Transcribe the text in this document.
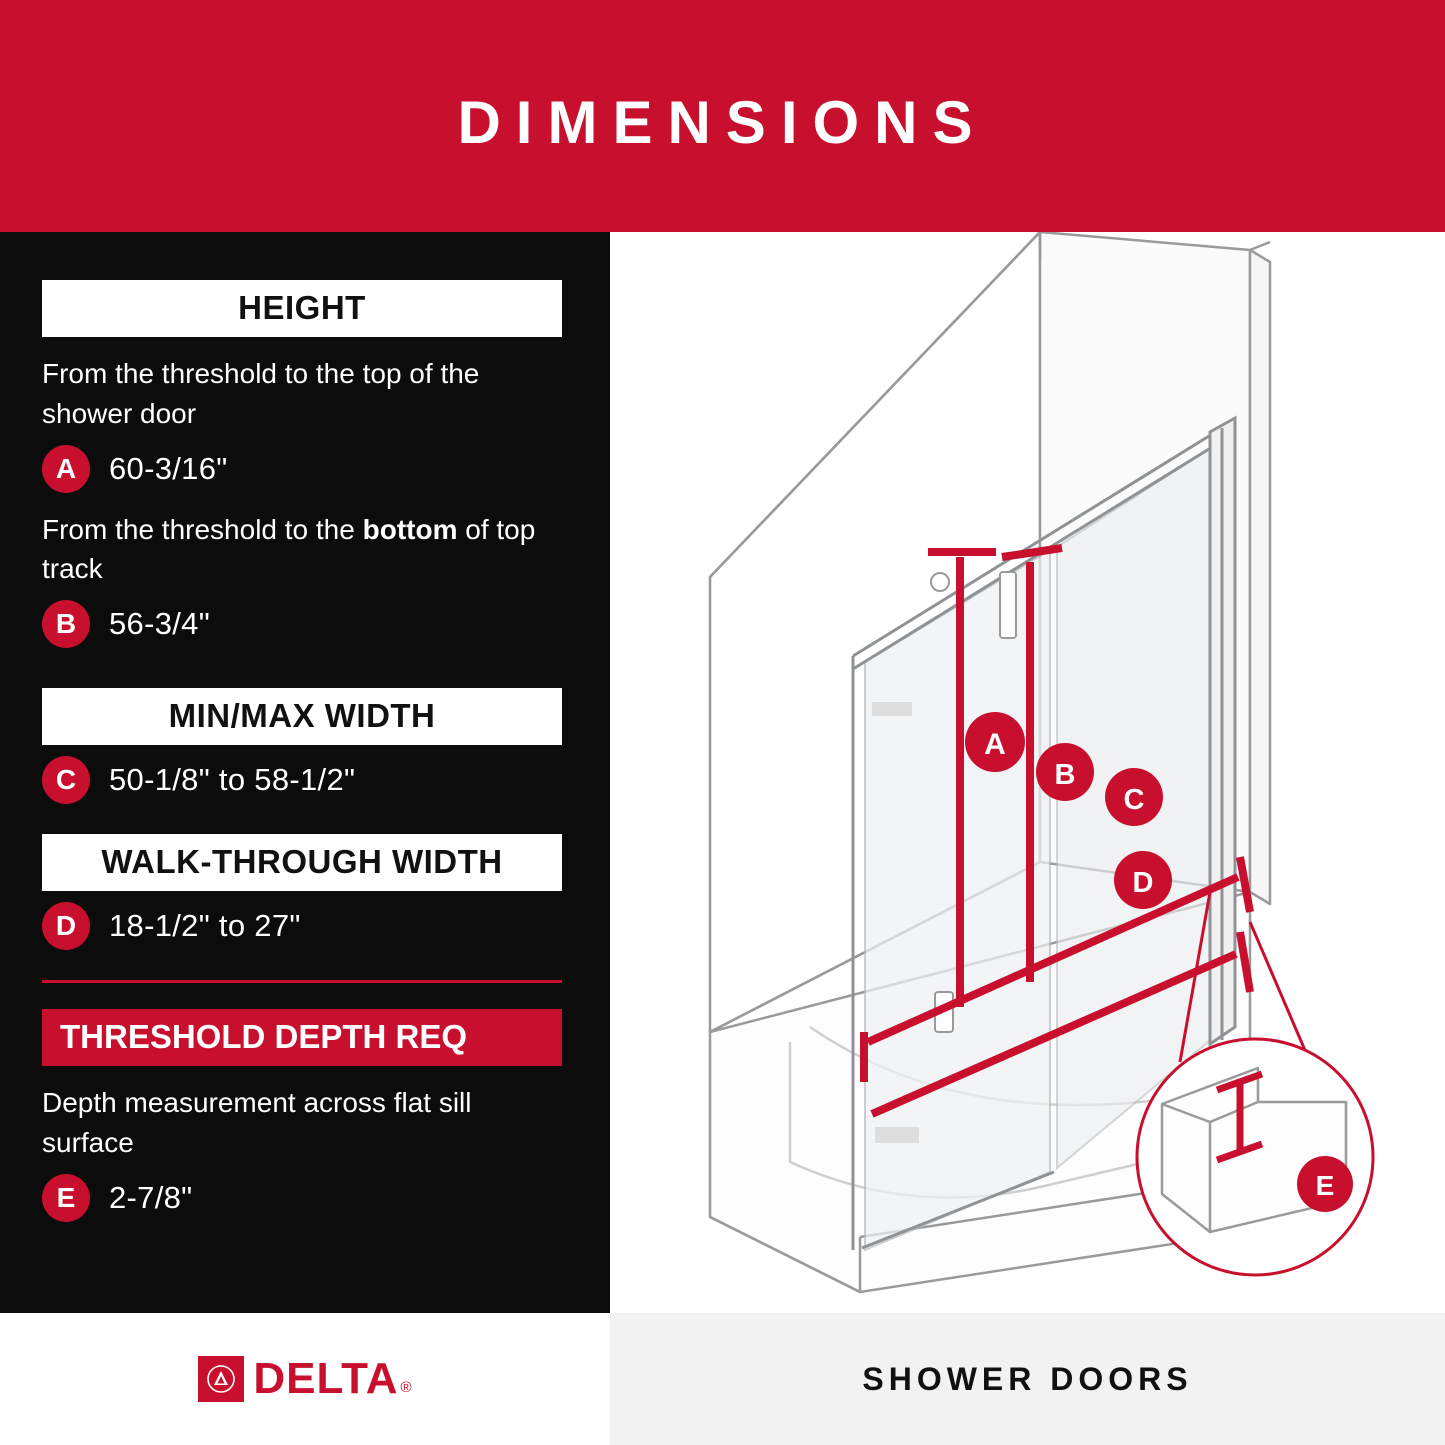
DIMENSIONS
HEIGHT
From the threshold to the top of the shower door
A	60-3/16"
From the threshold to the bottom of top track
B	56-3/4"
MIN/MAX WIDTH
C	50-1/8" to 58-1/2"
WALK-THROUGH WIDTH
D	18-1/2" to 27"
THRESHOLD DEPTH REQ
Depth measurement across flat sill surface
E	2-7/8"
A
B
C
D
E
DELTA ®	SHOWER DOORS
